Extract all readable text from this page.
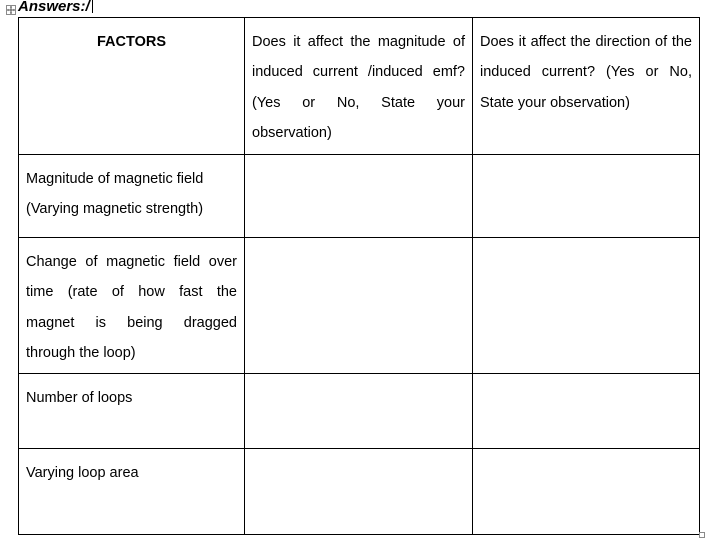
Answers:/
FACTORS	Does it affect the magnitude of induced current /induced emf? (Yes or No, State your observation)	Does it affect the direction of the induced current? (Yes or No, State your observation)
Magnitude of magnetic field (Varying magnetic strength)		
Change of magnetic field over time (rate of how fast the magnet is being dragged through the loop)		
Number of loops		
Varying loop area		
